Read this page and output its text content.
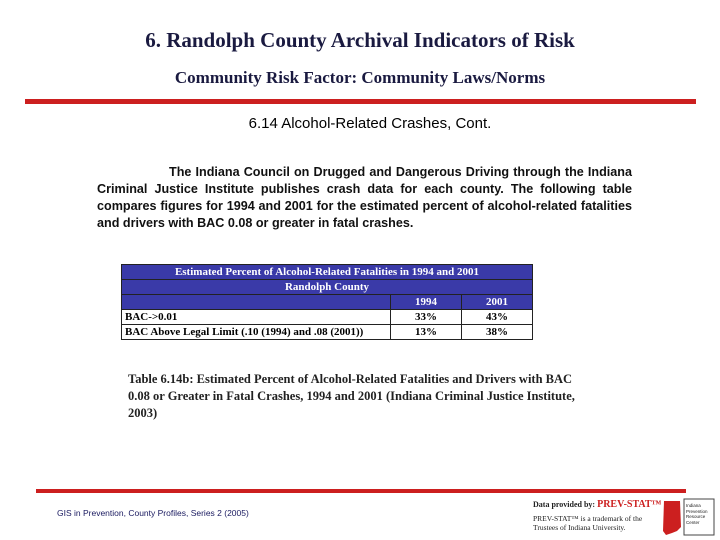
6. Randolph County Archival Indicators of Risk
Community Risk Factor: Community Laws/Norms
6.14 Alcohol-Related Crashes, Cont.
The Indiana Council on Drugged and Dangerous Driving through the Indiana Criminal Justice Institute publishes crash data for each county. The following table compares figures for 1994 and 2001 for the estimated percent of alcohol-related fatalities and drivers with BAC 0.08 or greater in fatal crashes.
Estimated Percent of Alcohol-Related Fatalities in 1994 and 2001		
Randolph County		
	1994	2001
BAC->0.01	33%	43%
BAC Above Legal Limit (.10 (1994) and .08 (2001))	13%	38%
Table 6.14b: Estimated Percent of Alcohol-Related Fatalities and Drivers with BAC 0.08 or Greater in Fatal Crashes, 1994 and 2001 (Indiana Criminal Justice Institute, 2003)
GIS in Prevention, County Profiles, Series 2 (2005)
Data provided by: PREV-STAT™
PREV-STAT™ is a trademark of the Trustees of Indiana University.
Indiana Prevention Resource Center
